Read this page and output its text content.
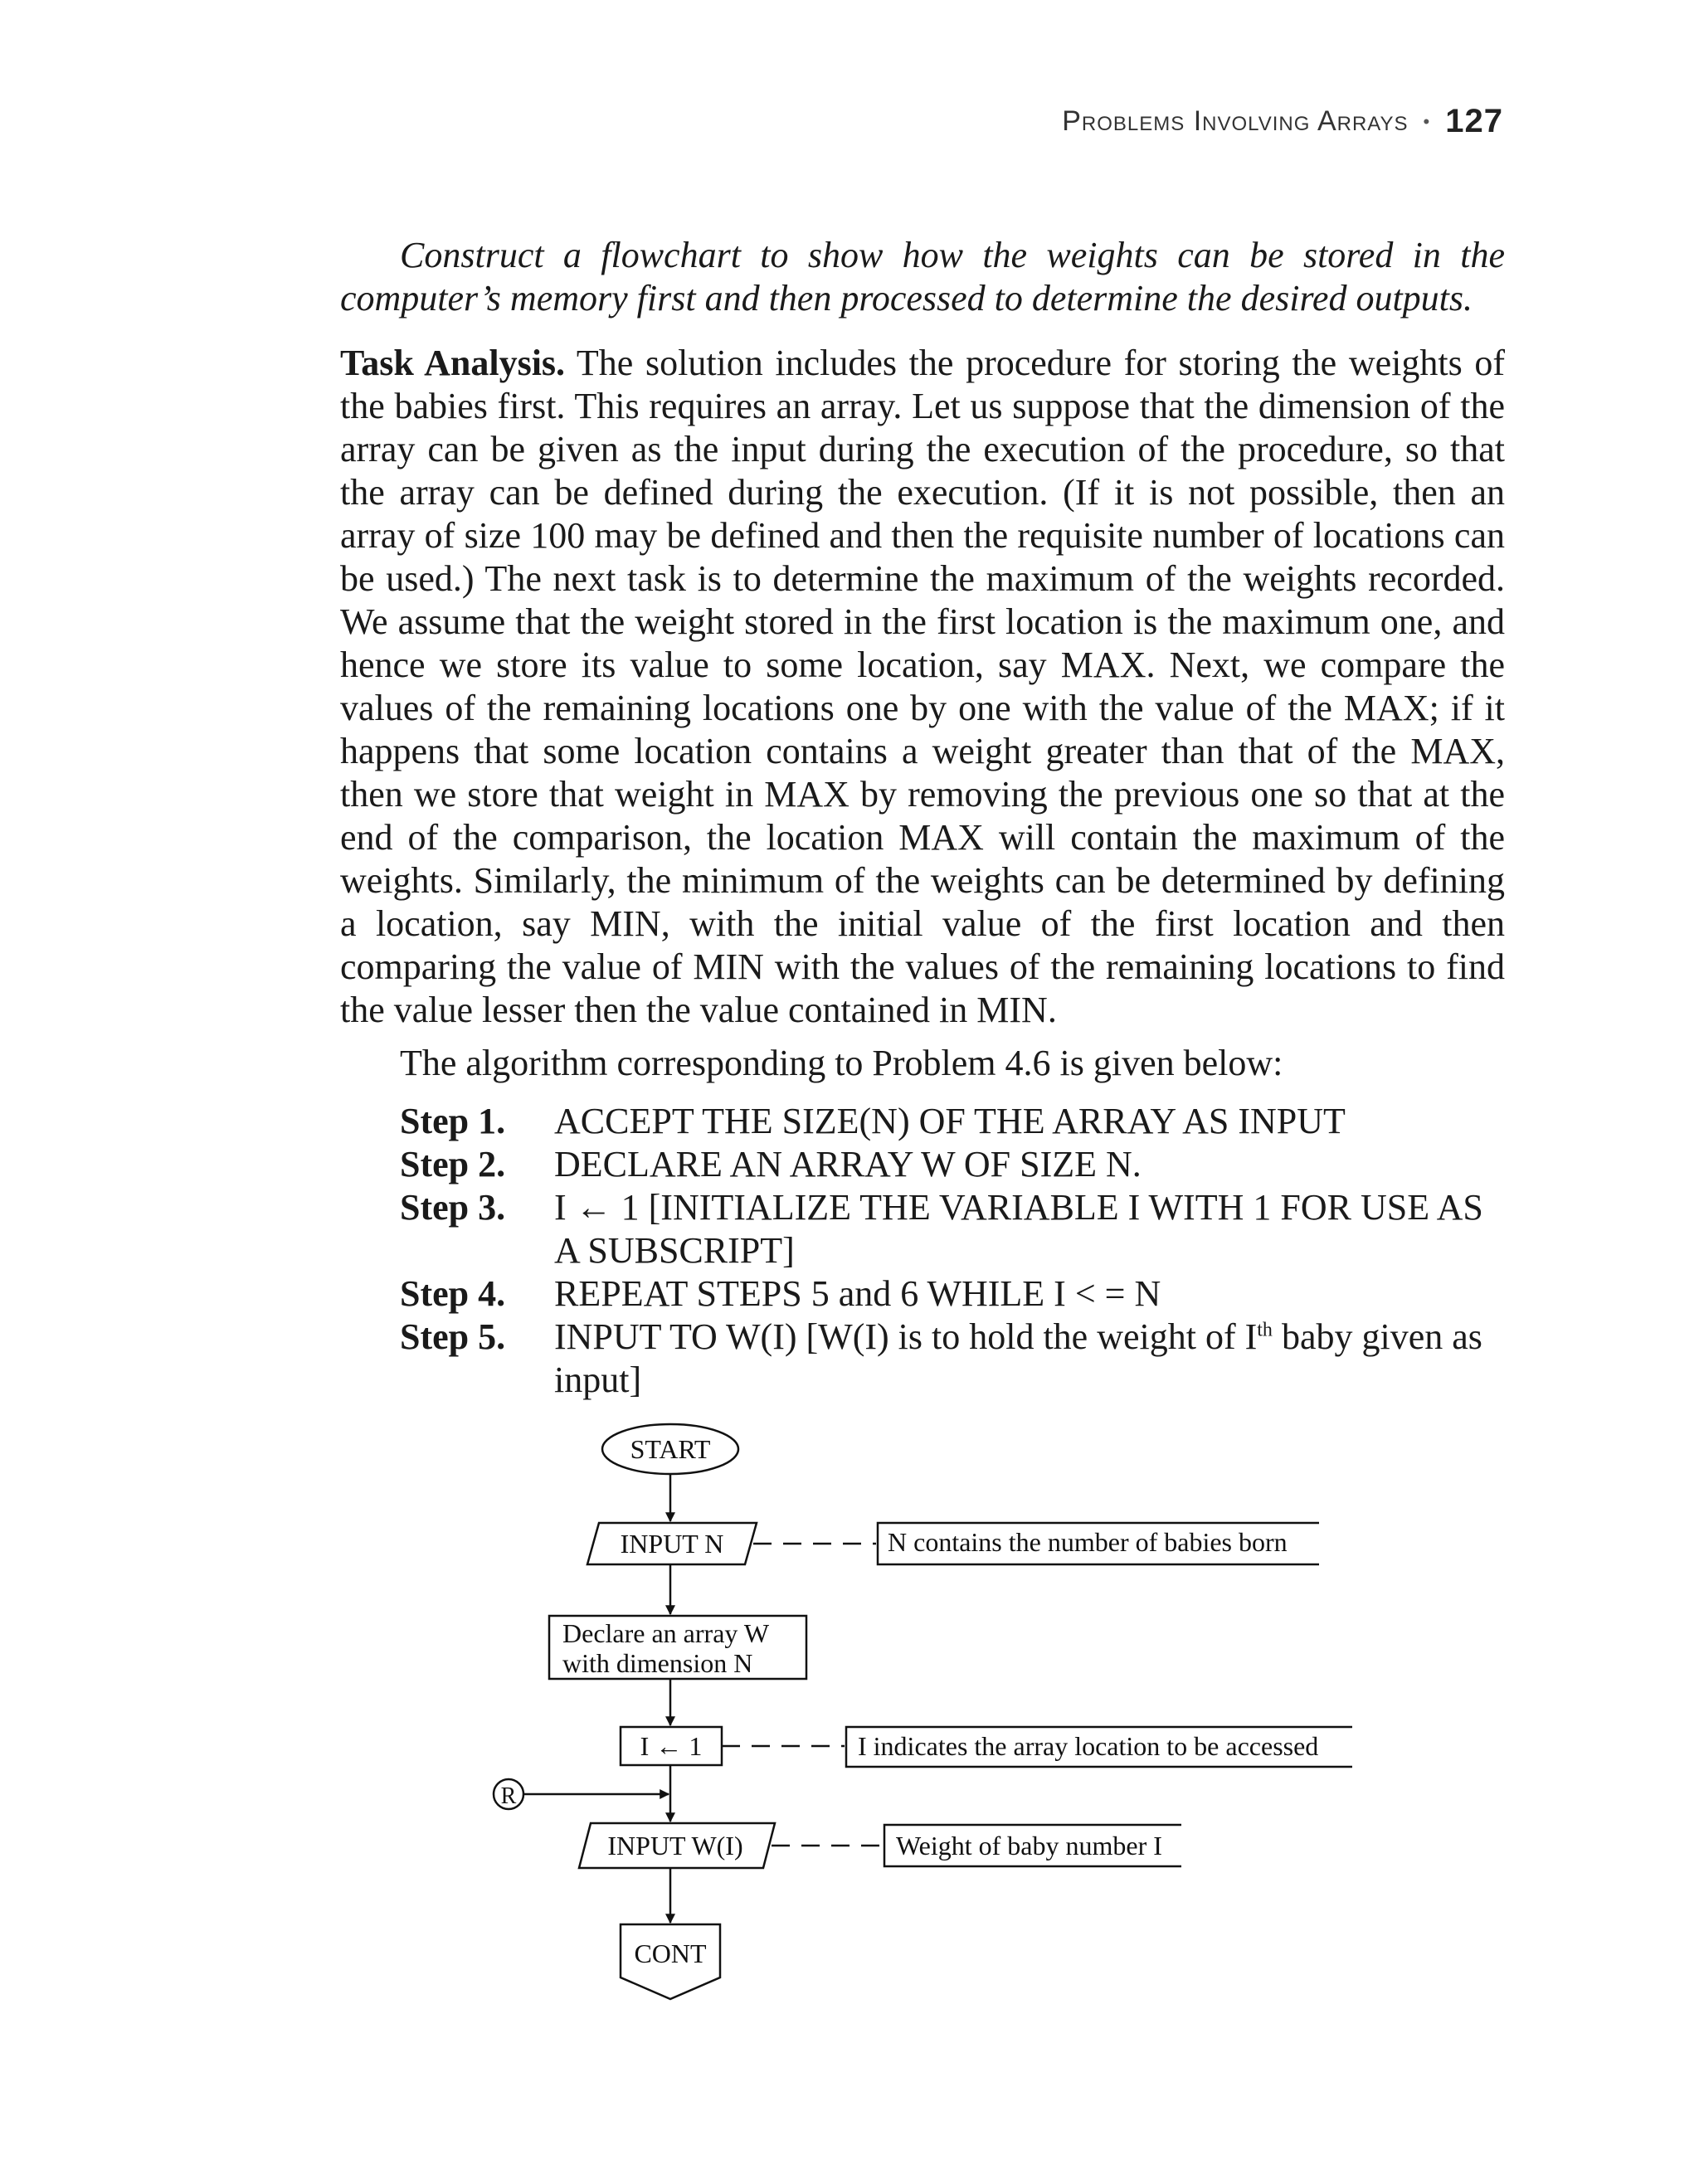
Problems Involving Arrays • 127

Construct a flowchart to show how the weights can be stored in the computer’s memory first and then processed to determine the desired outputs.

Task Analysis. The solution includes the procedure for storing the weights of the babies first. This requires an array. Let us suppose that the dimension of the array can be given as the input during the execution of the procedure, so that the array can be defined during the execution. (If it is not possible, then an array of size 100 may be defined and then the requisite number of locations can be used.) The next task is to determine the maximum of the weights recorded. We assume that the weight stored in the first location is the maximum one, and hence we store its value to some location, say MAX. Next, we compare the values of the remaining locations one by one with the value of the MAX; if it happens that some location contains a weight greater than that of the MAX, then we store that weight in MAX by removing the previous one so that at the end of the comparison, the location MAX will contain the maximum of the weights. Similarly, the minimum of the weights can be determined by defining a location, say MIN, with the initial value of the first location and then comparing the value of MIN with the values of the remaining locations to find the value lesser then the value contained in MIN.

The algorithm corresponding to Problem 4.6 is given below:

Step 1.	ACCEPT THE SIZE(N) OF THE ARRAY AS INPUT
Step 2.	DECLARE AN ARRAY W OF SIZE N.
Step 3.	I ← 1 [INITIALIZE THE VARIABLE I WITH 1 FOR USE AS A SUBSCRIPT]
Step 4.	REPEAT STEPS 5 and 6 WHILE I < = N
Step 5.	INPUT TO W(I) [W(I) is to hold the weight of Ith baby given as input]
START
INPUT N	N contains the number of babies born
Declare an array W
with dimension N
I ← 1	I indicates the array location to be accessed
R
INPUT W(I)	Weight of baby number I
CONT
